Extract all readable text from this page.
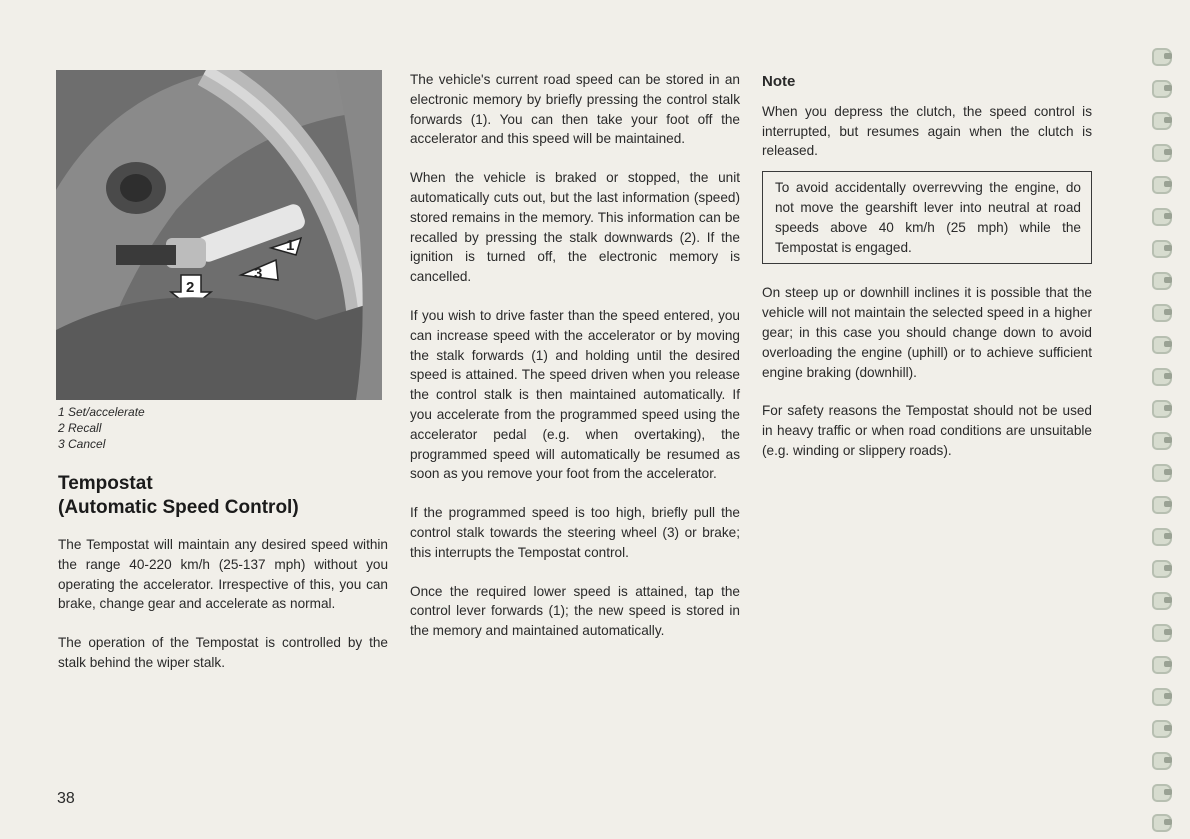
1
2
3
1 Set/accelerate
2 Recall
3 Cancel
Tempostat
(Automatic Speed Control)

The Tempostat will maintain any desired speed within the range 40-220 km/h (25-137 mph) without you operating the accelerator. Irrespective of this, you can brake, change gear and accelerate as normal.

The operation of the Tempostat is controlled by the stalk behind the wiper stalk.

The vehicle's current road speed can be stored in an electronic memory by briefly pressing the control stalk forwards (1). You can then take your foot off the accelerator and this speed will be maintained.

When the vehicle is braked or stopped, the unit automatically cuts out, but the last information (speed) stored remains in the memory. This information can be recalled by pressing the stalk downwards (2). If the ignition is turned off, the electronic memory is cancelled.

If you wish to drive faster than the speed entered, you can increase speed with the accelerator or by moving the stalk forwards (1) and holding until the desired speed is attained. The speed driven when you release the control stalk is then maintained automatically. If you accelerate from the programmed speed using the accelerator pedal (e.g. when overtaking), the programmed speed will automatically be resumed as soon as you remove your foot from the accelerator.

If the programmed speed is too high, briefly pull the control stalk towards the steering wheel (3) or brake; this interrupts the Tempostat control.

Once the required lower speed is attained, tap the control lever forwards (1); the new speed is stored in the memory and maintained automatically.

Note

When you depress the clutch, the speed control is interrupted, but resumes again when the clutch is released.

To avoid accidentally overrevving the engine, do not move the gearshift lever into neutral at road speeds above 40 km/h (25 mph) while the Tempostat is engaged.

On steep up or downhill inclines it is possible that the vehicle will not maintain the selected speed in a higher gear; in this case you should change down to avoid overloading the engine (uphill) or to achieve sufficient engine braking (downhill).

For safety reasons the Tempostat should not be used in heavy traffic or when road conditions are unsuitable (e.g. winding or slippery roads).

38
